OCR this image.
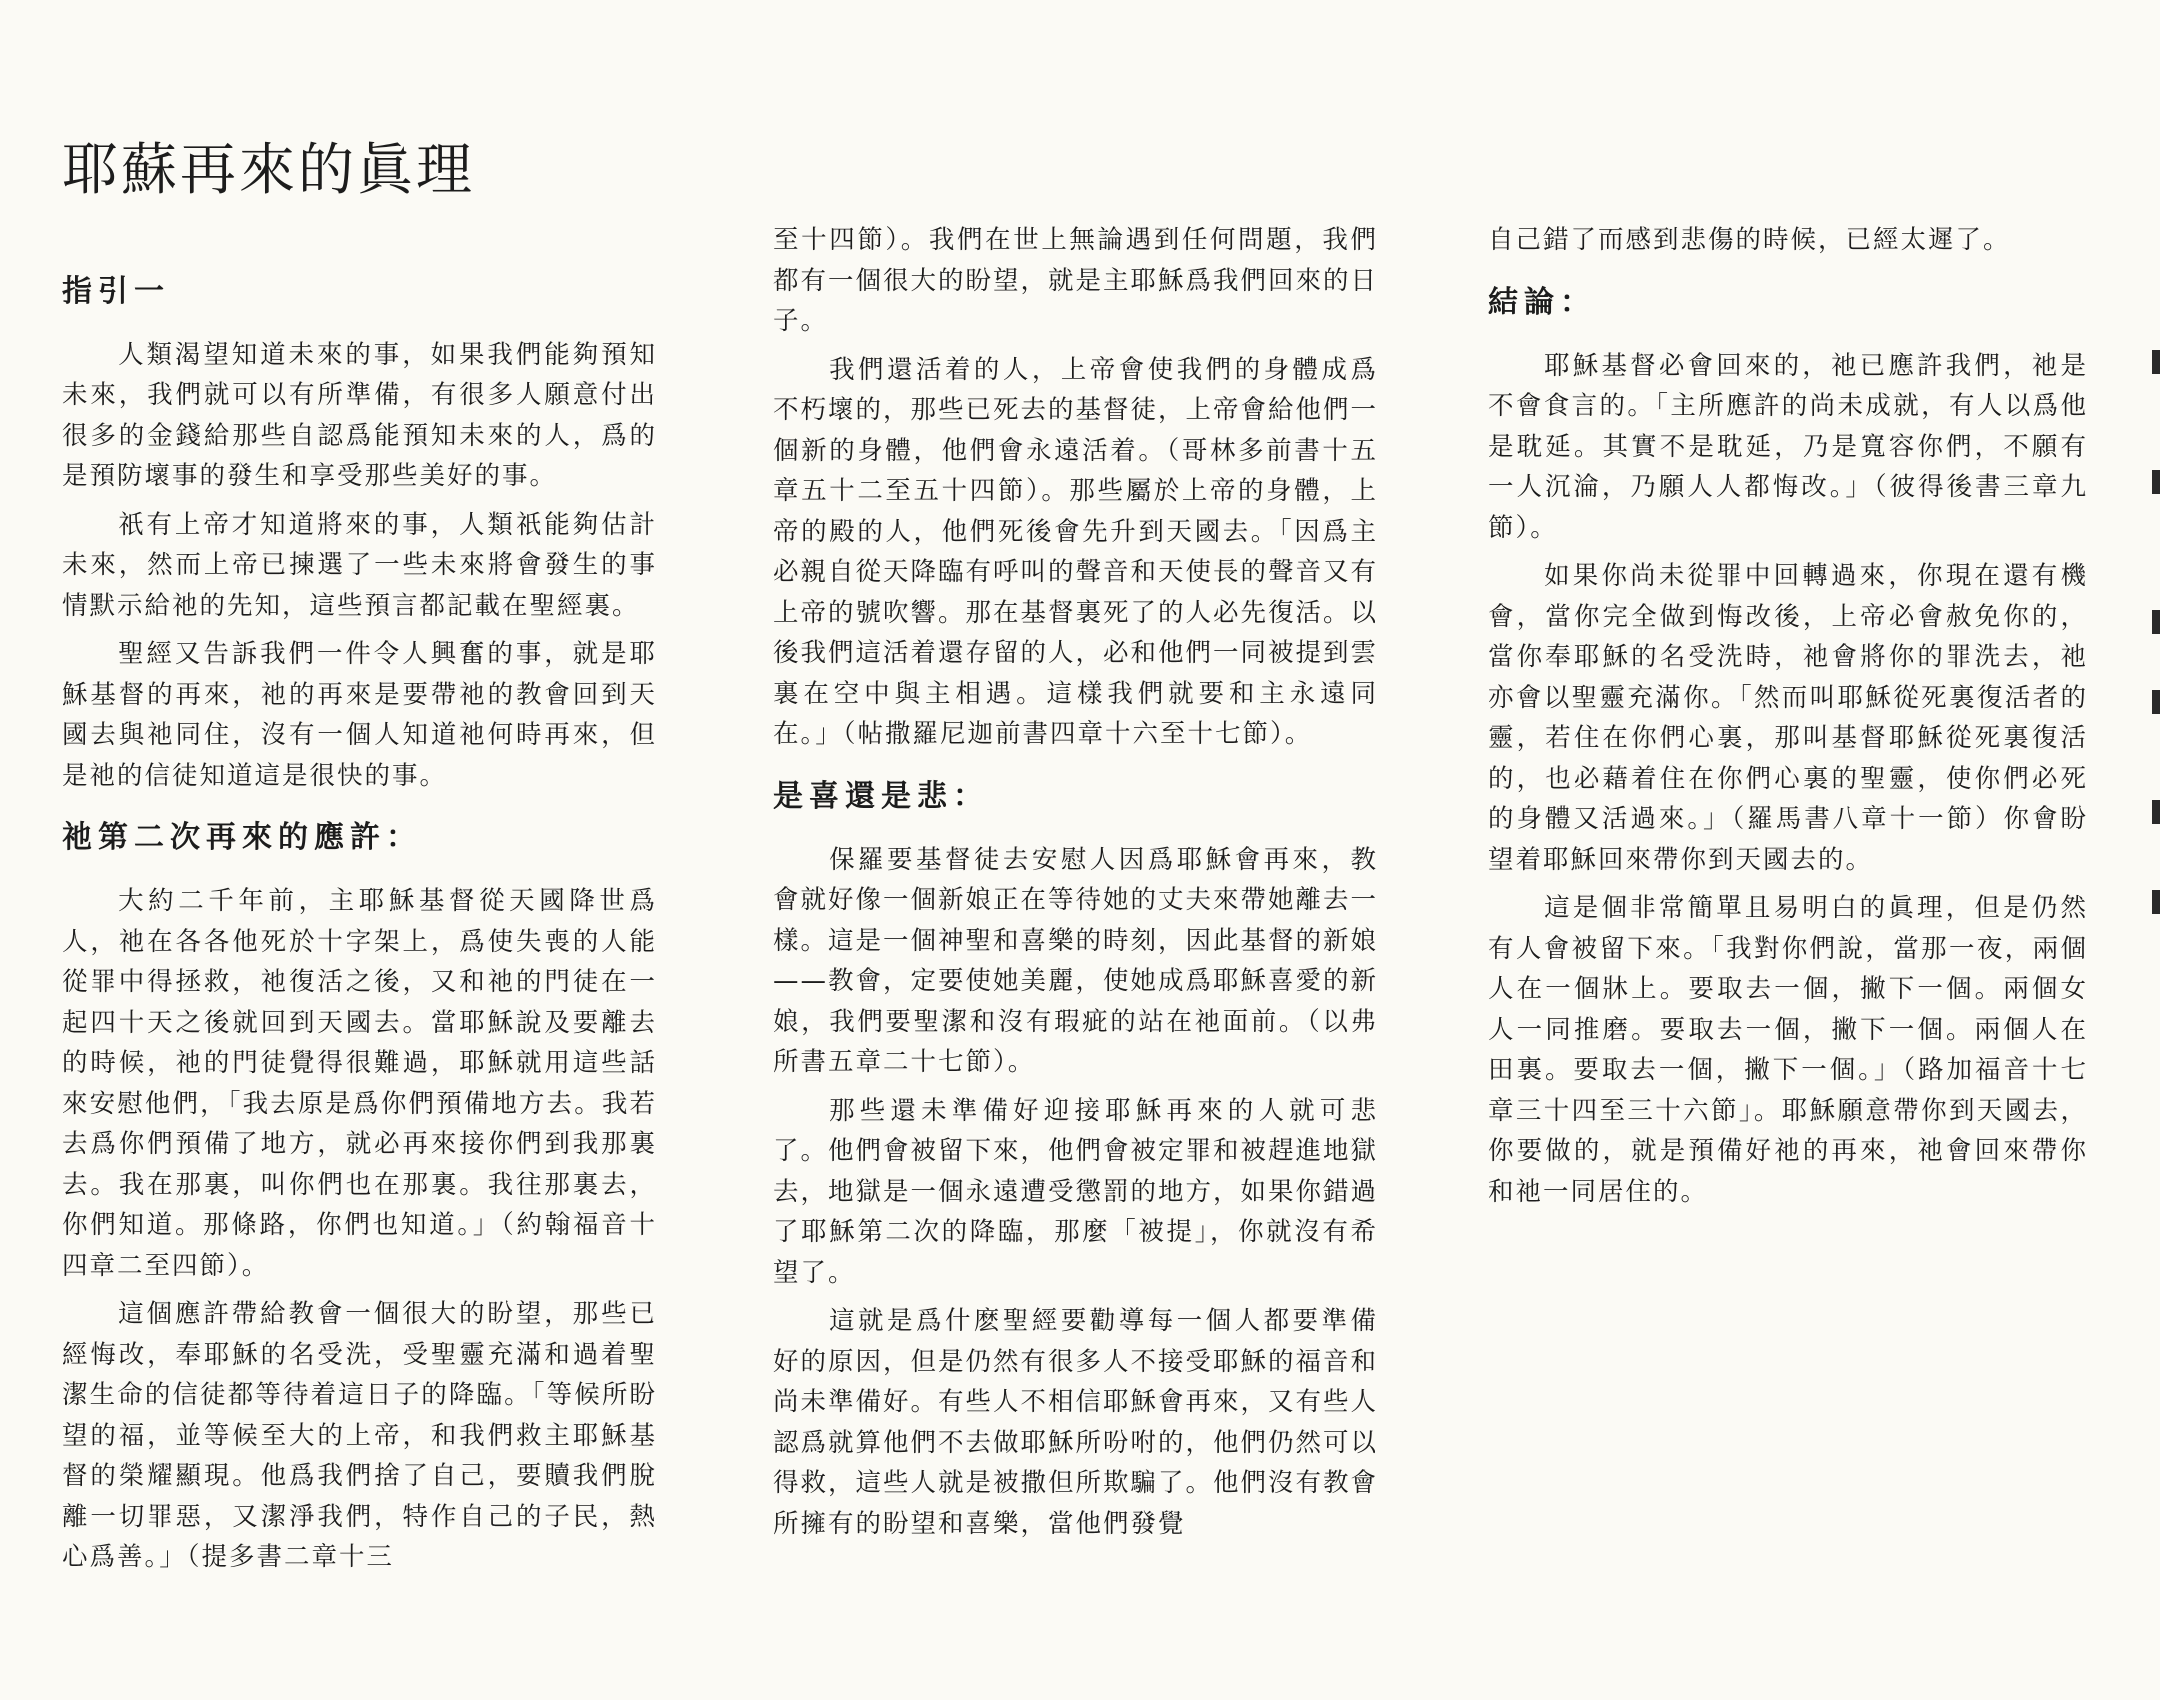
耶蘇再來的眞理
指引一

人類渴望知道未來的事，如果我們能夠預知未來，我們就可以有所準備，有很多人願意付出很多的金錢給那些自認爲能預知未來的人，爲的是預防壞事的發生和享受那些美好的事。

祇有上帝才知道將來的事，人類祇能夠估計未來，然而上帝已揀選了一些未來將會發生的事情默示給祂的先知，這些預言都記載在聖經裏。

聖經又告訴我們一件令人興奮的事，就是耶穌基督的再來，祂的再來是要帶祂的教會回到天國去與祂同住，沒有一個人知道祂何時再來，但是祂的信徒知道這是很快的事。

祂第二次再來的應許：

大約二千年前，主耶穌基督從天國降世爲人，祂在各各他死於十字架上，爲使失喪的人能從罪中得拯救，祂復活之後，又和祂的門徒在一起四十天之後就回到天國去。當耶穌說及要離去的時候，祂的門徒覺得很難過，耶穌就用這些話來安慰他們，「我去原是爲你們預備地方去。我若去爲你們預備了地方，就必再來接你們到我那裏去。我在那裏，叫你們也在那裏。我往那裏去，你們知道。那條路，你們也知道。」（約翰福音十四章二至四節）。

這個應許帶給教會一個很大的盼望，那些已經悔改，奉耶穌的名受洗，受聖靈充滿和過着聖潔生命的信徒都等待着這日子的降臨。「等候所盼望的福，並等候至大的上帝，和我們救主耶穌基督的榮耀顯現。他爲我們捨了自己，要贖我們脫離一切罪惡，又潔淨我們，特作自己的子民，熱心爲善。」（提多書二章十三

至十四節）。我們在世上無論遇到任何問題，我們都有一個很大的盼望，就是主耶穌爲我們回來的日子。

我們還活着的人，上帝會使我們的身體成爲不朽壞的，那些已死去的基督徒，上帝會給他們一個新的身體，他們會永遠活着。（哥林多前書十五章五十二至五十四節）。那些屬於上帝的身體，上帝的殿的人，他們死後會先升到天國去。「因爲主必親自從天降臨有呼叫的聲音和天使長的聲音又有上帝的號吹響。那在基督裏死了的人必先復活。以後我們這活着還存留的人，必和他們一同被提到雲裏在空中與主相遇。這樣我們就要和主永遠同在。」（帖撒羅尼迦前書四章十六至十七節）。

是喜還是悲：

保羅要基督徒去安慰人因爲耶穌會再來，教會就好像一個新娘正在等待她的丈夫來帶她離去一樣。這是一個神聖和喜樂的時刻，因此基督的新娘——教會，定要使她美麗，使她成爲耶穌喜愛的新娘，我們要聖潔和沒有瑕疵的站在祂面前。（以弗所書五章二十七節）。

那些還未準備好迎接耶穌再來的人就可悲了。他們會被留下來，他們會被定罪和被趕進地獄去，地獄是一個永遠遭受懲罰的地方，如果你錯過了耶穌第二次的降臨，那麼「被提」，你就沒有希望了。

這就是爲什麽聖經要勸導每一個人都要準備好的原因，但是仍然有很多人不接受耶穌的福音和尚未準備好。有些人不相信耶穌會再來，又有些人認爲就算他們不去做耶穌所吩咐的，他們仍然可以得救，這些人就是被撒但所欺騙了。他們沒有教會所擁有的盼望和喜樂，當他們發覺

自己錯了而感到悲傷的時候，已經太遲了。

結論：

耶穌基督必會回來的，祂已應許我們，祂是不會食言的。「主所應許的尚未成就，有人以爲他是耽延。其實不是耽延，乃是寬容你們，不願有一人沉淪，乃願人人都悔改。」（彼得後書三章九節）。

如果你尚未從罪中回轉過來，你現在還有機會，當你完全做到悔改後，上帝必會赦免你的，當你奉耶穌的名受洗時，祂會將你的罪洗去，祂亦會以聖靈充滿你。「然而叫耶穌從死裏復活者的靈，若住在你們心裏，那叫基督耶穌從死裏復活的，也必藉着住在你們心裏的聖靈，使你們必死的身體又活過來。」（羅馬書八章十一節）你會盼望着耶穌回來帶你到天國去的。

這是個非常簡單且易明白的眞理，但是仍然有人會被留下來。「我對你們說，當那一夜，兩個人在一個牀上。要取去一個，撇下一個。兩個女人一同推磨。要取去一個，撇下一個。兩個人在田裏。要取去一個，撇下一個。」（路加福音十七章三十四至三十六節」。耶穌願意帶你到天國去，你要做的，就是預備好祂的再來，祂會回來帶你和祂一同居住的。
